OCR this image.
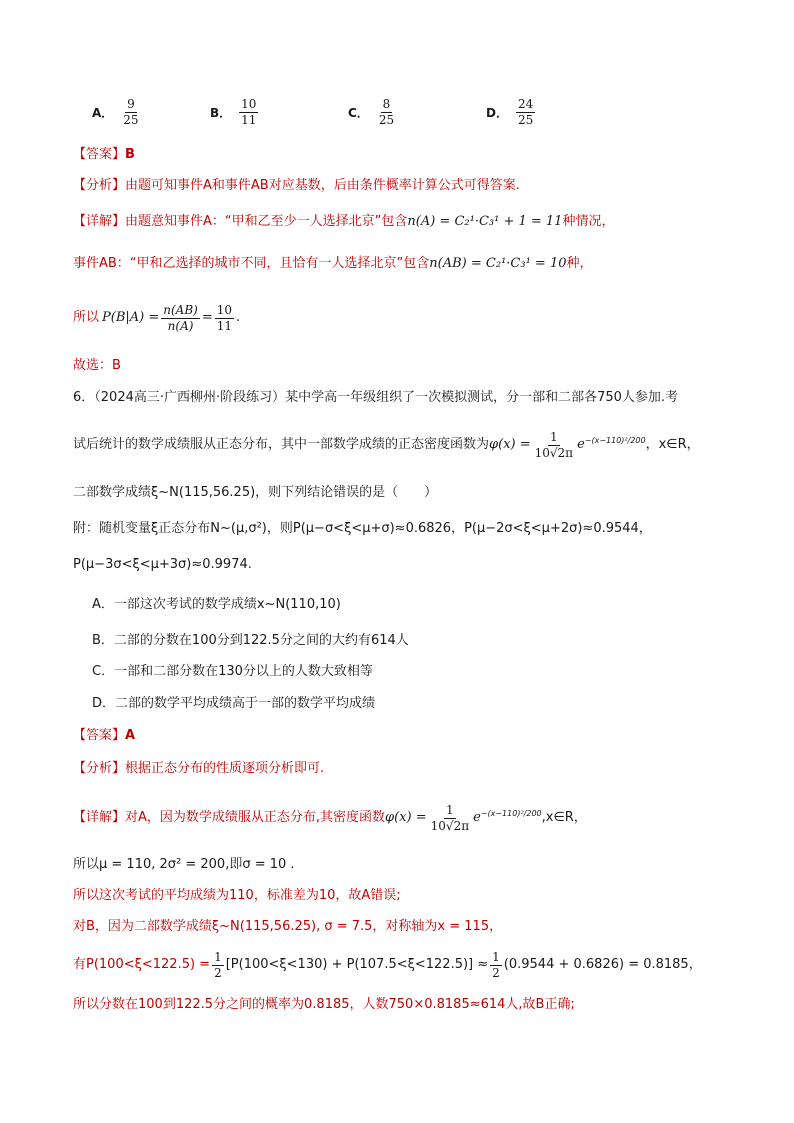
A． $\frac{9}{25}$	B． $\frac{10}{11}$	C． $\frac{8}{25}$	D． $\frac{24}{25}$
【答案】B
【分析】由题可知事件A和事件AB对应基数，后由条件概率计算公式可得答案.
【详解】由题意知事件A：“甲和乙至少一人选择北京”包含n(A) = C₂¹·C₃¹ + 1 = 11种情况，
事件AB：“甲和乙选择的城市不同，且恰有一人选择北京”包含n(AB) = C₂¹·C₃¹ = 10种，
所以 $P(B|A) = \frac{n(AB)}{n(A)} = \frac{10}{11}$ .
故选：B
6．（2024高三·广西柳州·阶段练习）某中学高一年级组织了一次模拟测试，分一部和二部各750人参加.考
试后统计的数学成绩服从正态分布，其中一部数学成绩的正态密度函数为 $\varphi(x) = \frac{1}{10√2\pi} e^{-(x-110)^2/200}$ ，x∈R，
二部数学成绩ξ~N(115,56.25)，则下列结论错误的是（　　）
附：随机变量ξ正态分布N~(μ,σ²)，则P(μ−σ<ξ<μ+σ)≈0.6826，P(μ−2σ<ξ<μ+2σ)≈0.9544，
P(μ−3σ<ξ<μ+3σ)≈0.9974.
A．一部这次考试的数学成绩x~N(110,10)
B．二部的分数在100分到122.5分之间的大约有614人
C．一部和二部分数在130分以上的人数大致相等
D．二部的数学平均成绩高于一部的数学平均成绩
【答案】A
【分析】根据正态分布的性质逐项分析即可.
【详解】 对A，因为数学成绩服从正态分布,其密度函数 $\varphi(x) = \frac{1}{10√2\pi} e^{-(x-110)^2/200}$ ,x∈R，
所以μ = 110, 2σ² = 200,即σ = 10 .
所以这次考试的平均成绩为110，标准差为10，故A错误;
对B，因为二部数学成绩ξ~N(115,56.25), σ = 7.5，对称轴为x = 115，
有$P(100<\xi<122.5) = \frac{1}{2} [P(100<\xi<130) + P(107.5<\xi<122.5)] \approx \frac{1}{2} (0.9544 + 0.6826) = 0.8185$，
所以分数在100到122.5分之间的概率为0.8185，人数750×0.8185≈614人,故B正确;
